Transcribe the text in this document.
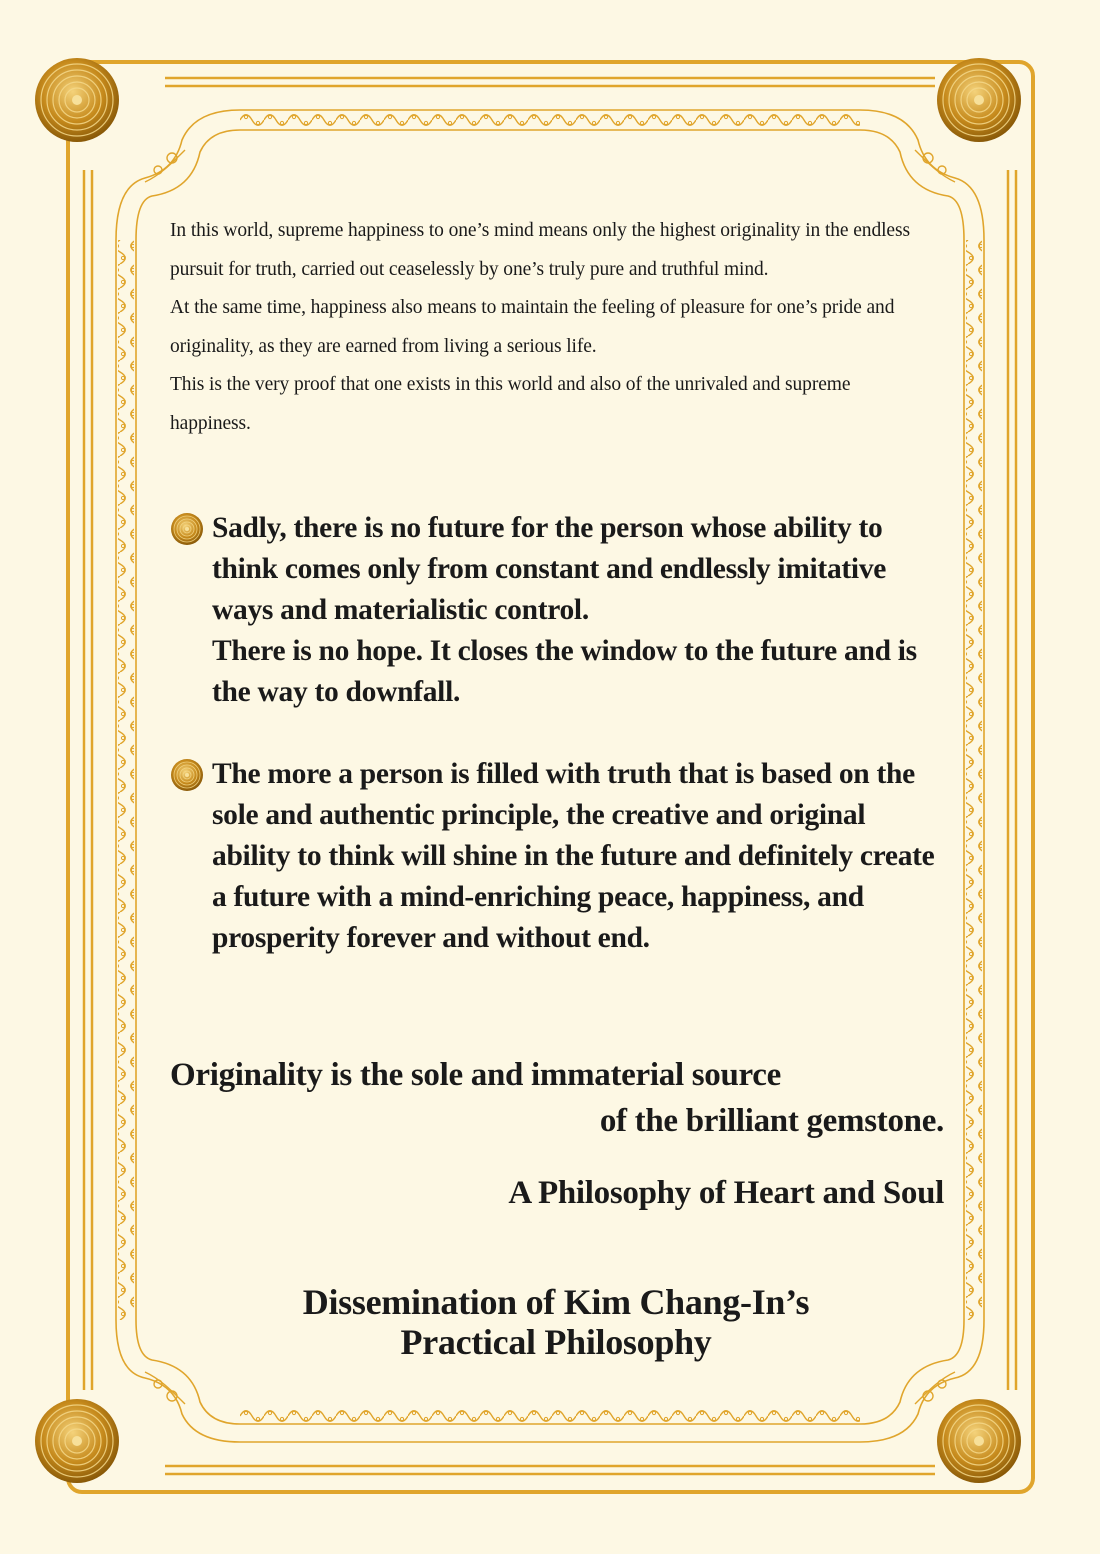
In this world, supreme happiness to one’s mind means only the highest originality in the endless pursuit for truth, carried out ceaselessly by one’s truly pure and truthful mind.

At the same time, happiness also means to maintain the feeling of pleasure for one’s pride and originality, as they are earned from living a serious life.

This is the very proof that one exists in this world and also of the unrivaled and supreme happiness.

Sadly, there is no future for the person whose ability to think comes only from constant and endlessly imitative ways and materialistic control.

There is no hope. It closes the window to the future and is the way to downfall.

The more a person is filled with truth that is based on the sole and authentic principle, the creative and original ability to think will shine in the future and definitely create a future with a mind-enriching peace, happiness, and prosperity forever and without end.

Originality is the sole and immaterial source
of the brilliant gemstone.
A Philosophy of Heart and Soul
Dissemination of Kim Chang-In’s
Practical Philosophy
